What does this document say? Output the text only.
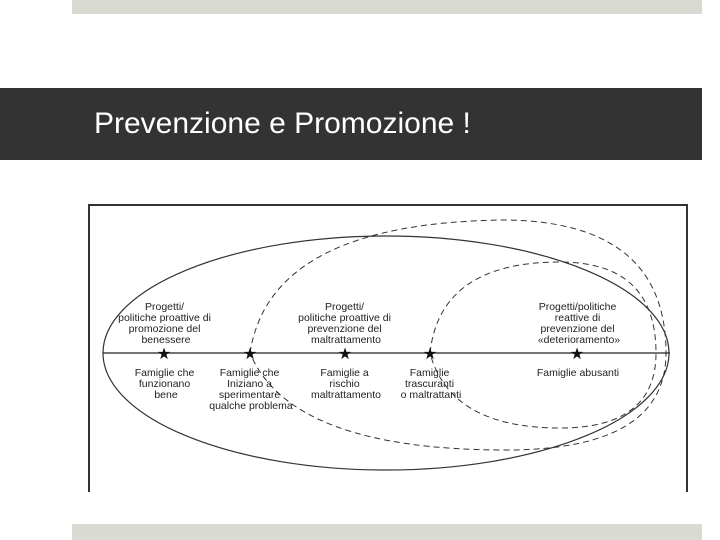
Prevenzione e Promozione !
★	★	★	★	★
Progetti/ politiche proattive di promozione del benessere
Progetti/ politiche proattive di prevenzione del maltrattamento
Progetti/politiche reattive di prevenzione del «deterioramento»
Famiglie che funzionano bene
Famiglie che Iniziano a sperimentare qualche problema
Famiglie a rischio maltrattamento
Famiglie trascuranti o maltrattanti
Famiglie abusanti
